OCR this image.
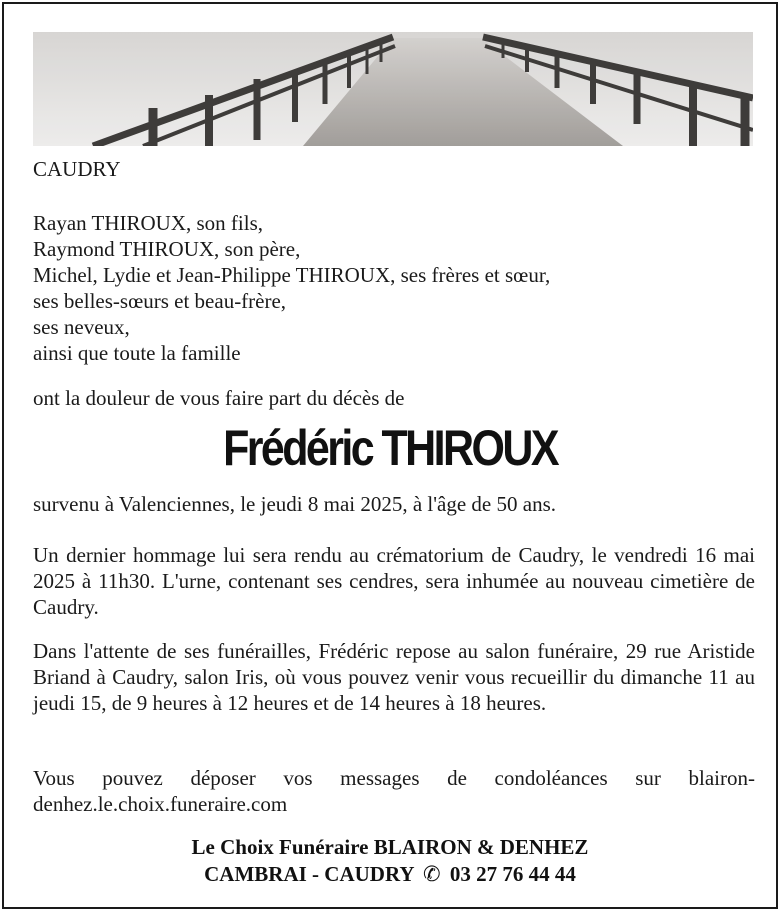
CAUDRY
Rayan THIROUX, son fils,
Raymond THIROUX, son père,
Michel, Lydie et Jean-Philippe THIROUX, ses frères et sœur,
ses belles-sœurs et beau-frère,
ses neveux,
ainsi que toute la famille
ont la douleur de vous faire part du décès de
Frédéric THIROUX
survenu à Valenciennes, le jeudi 8 mai 2025, à l'âge de 50 ans.
Un dernier hommage lui sera rendu au crématorium de Caudry, le vendredi 16 mai 2025 à 11h30. L'urne, contenant ses cendres, sera inhumée au nouveau cimetière de Caudry.
Dans l'attente de ses funérailles, Frédéric repose au salon funéraire, 29 rue Aristide Briand à Caudry, salon Iris, où vous pouvez venir vous recueillir du dimanche 11 au jeudi 15, de 9 heures à 12 heures et de 14 heures à 18 heures.
Vous pouvez déposer vos messages de condoléances sur blairon-denhez.le.choix.funeraire.com
Le Choix Funéraire BLAIRON & DENHEZ
CAMBRAI - CAUDRY ✆ 03 27 76 44 44
